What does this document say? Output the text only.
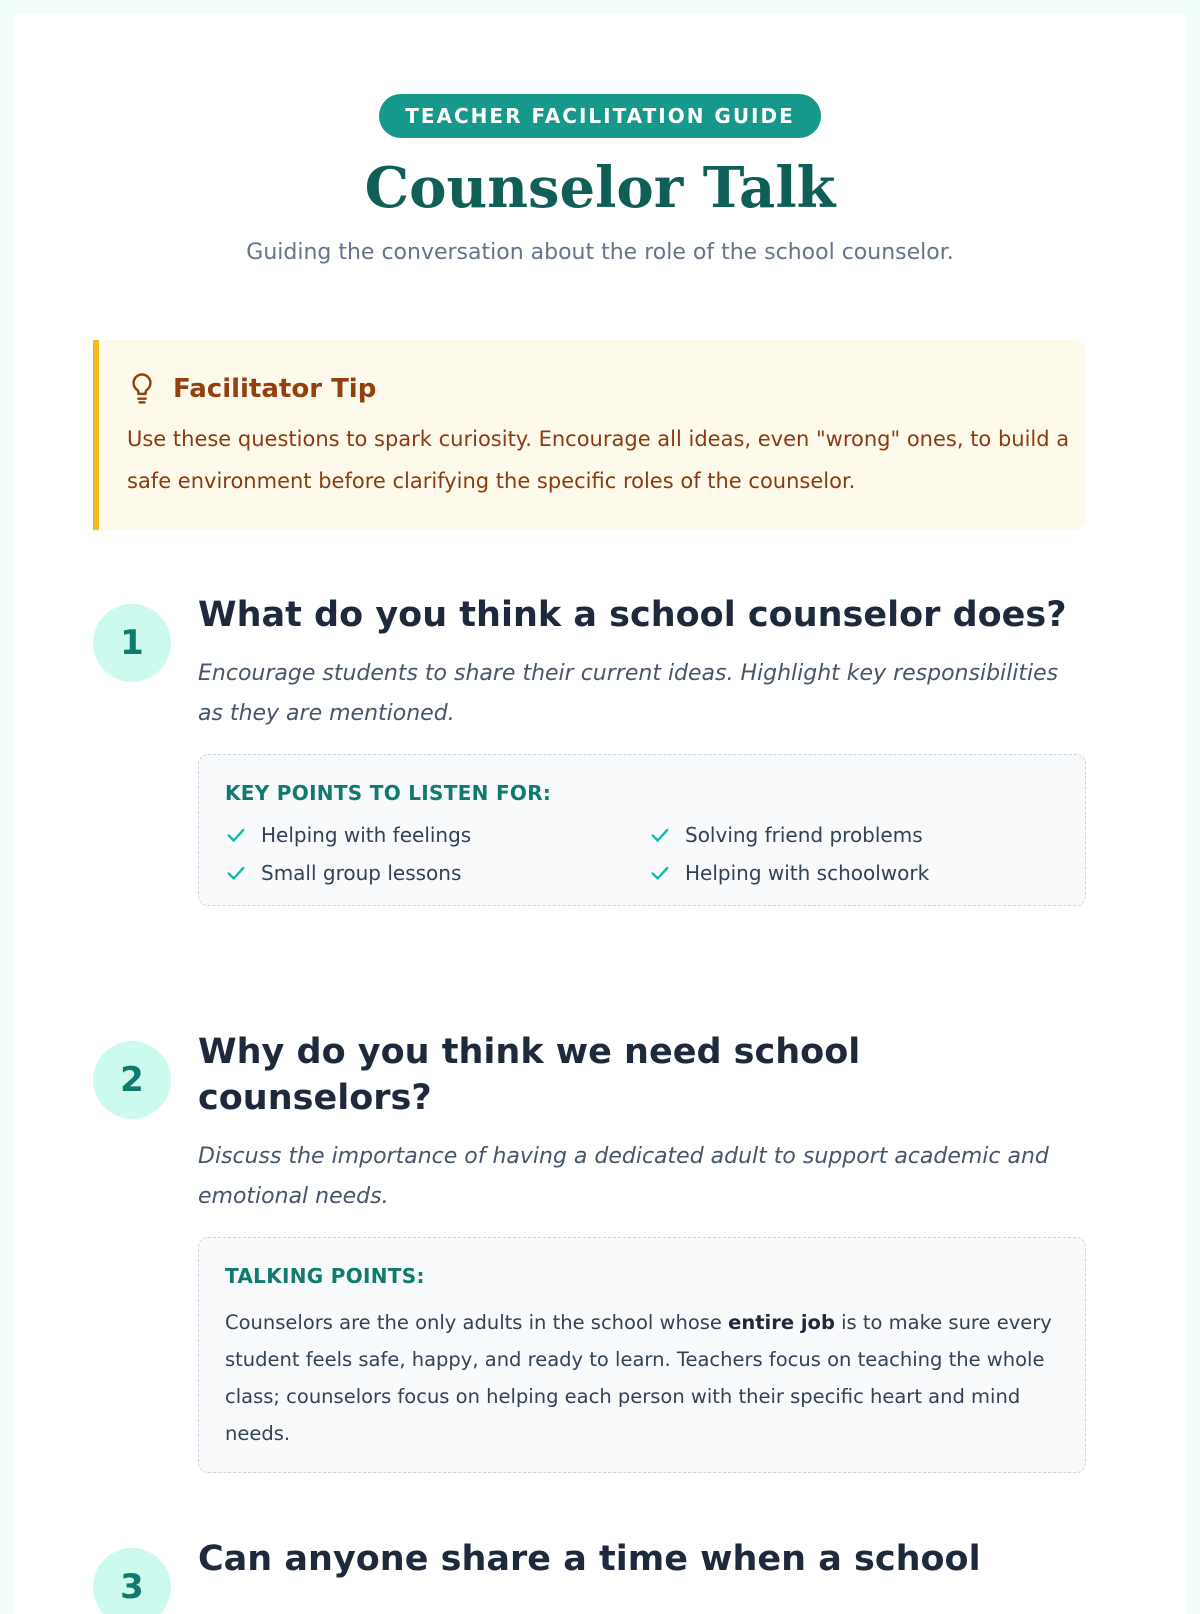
TEACHER FACILITATION GUIDE
Counselor Talk

Guiding the conversation about the role of the school counselor.

Facilitator Tip

Use these questions to spark curiosity. Encourage all ideas, even "wrong" ones, to build a safe environment before clarifying the specific roles of the counselor.

1
What do you think a school counselor does?

Encourage students to share their current ideas. Highlight key responsibilities as they are mentioned.

KEY POINTS TO LISTEN FOR:
Helping with feelings	Solving friend problems
Small group lessons	Helping with schoolwork
2
Why do you think we need school counselors?

Discuss the importance of having a dedicated adult to support academic and emotional needs.

TALKING POINTS:

Counselors are the only adults in the school whose entire job is to make sure every student feels safe, happy, and ready to learn. Teachers focus on teaching the whole class; counselors focus on helping each person with their specific heart and mind needs.

3
Can anyone share a time when a school
